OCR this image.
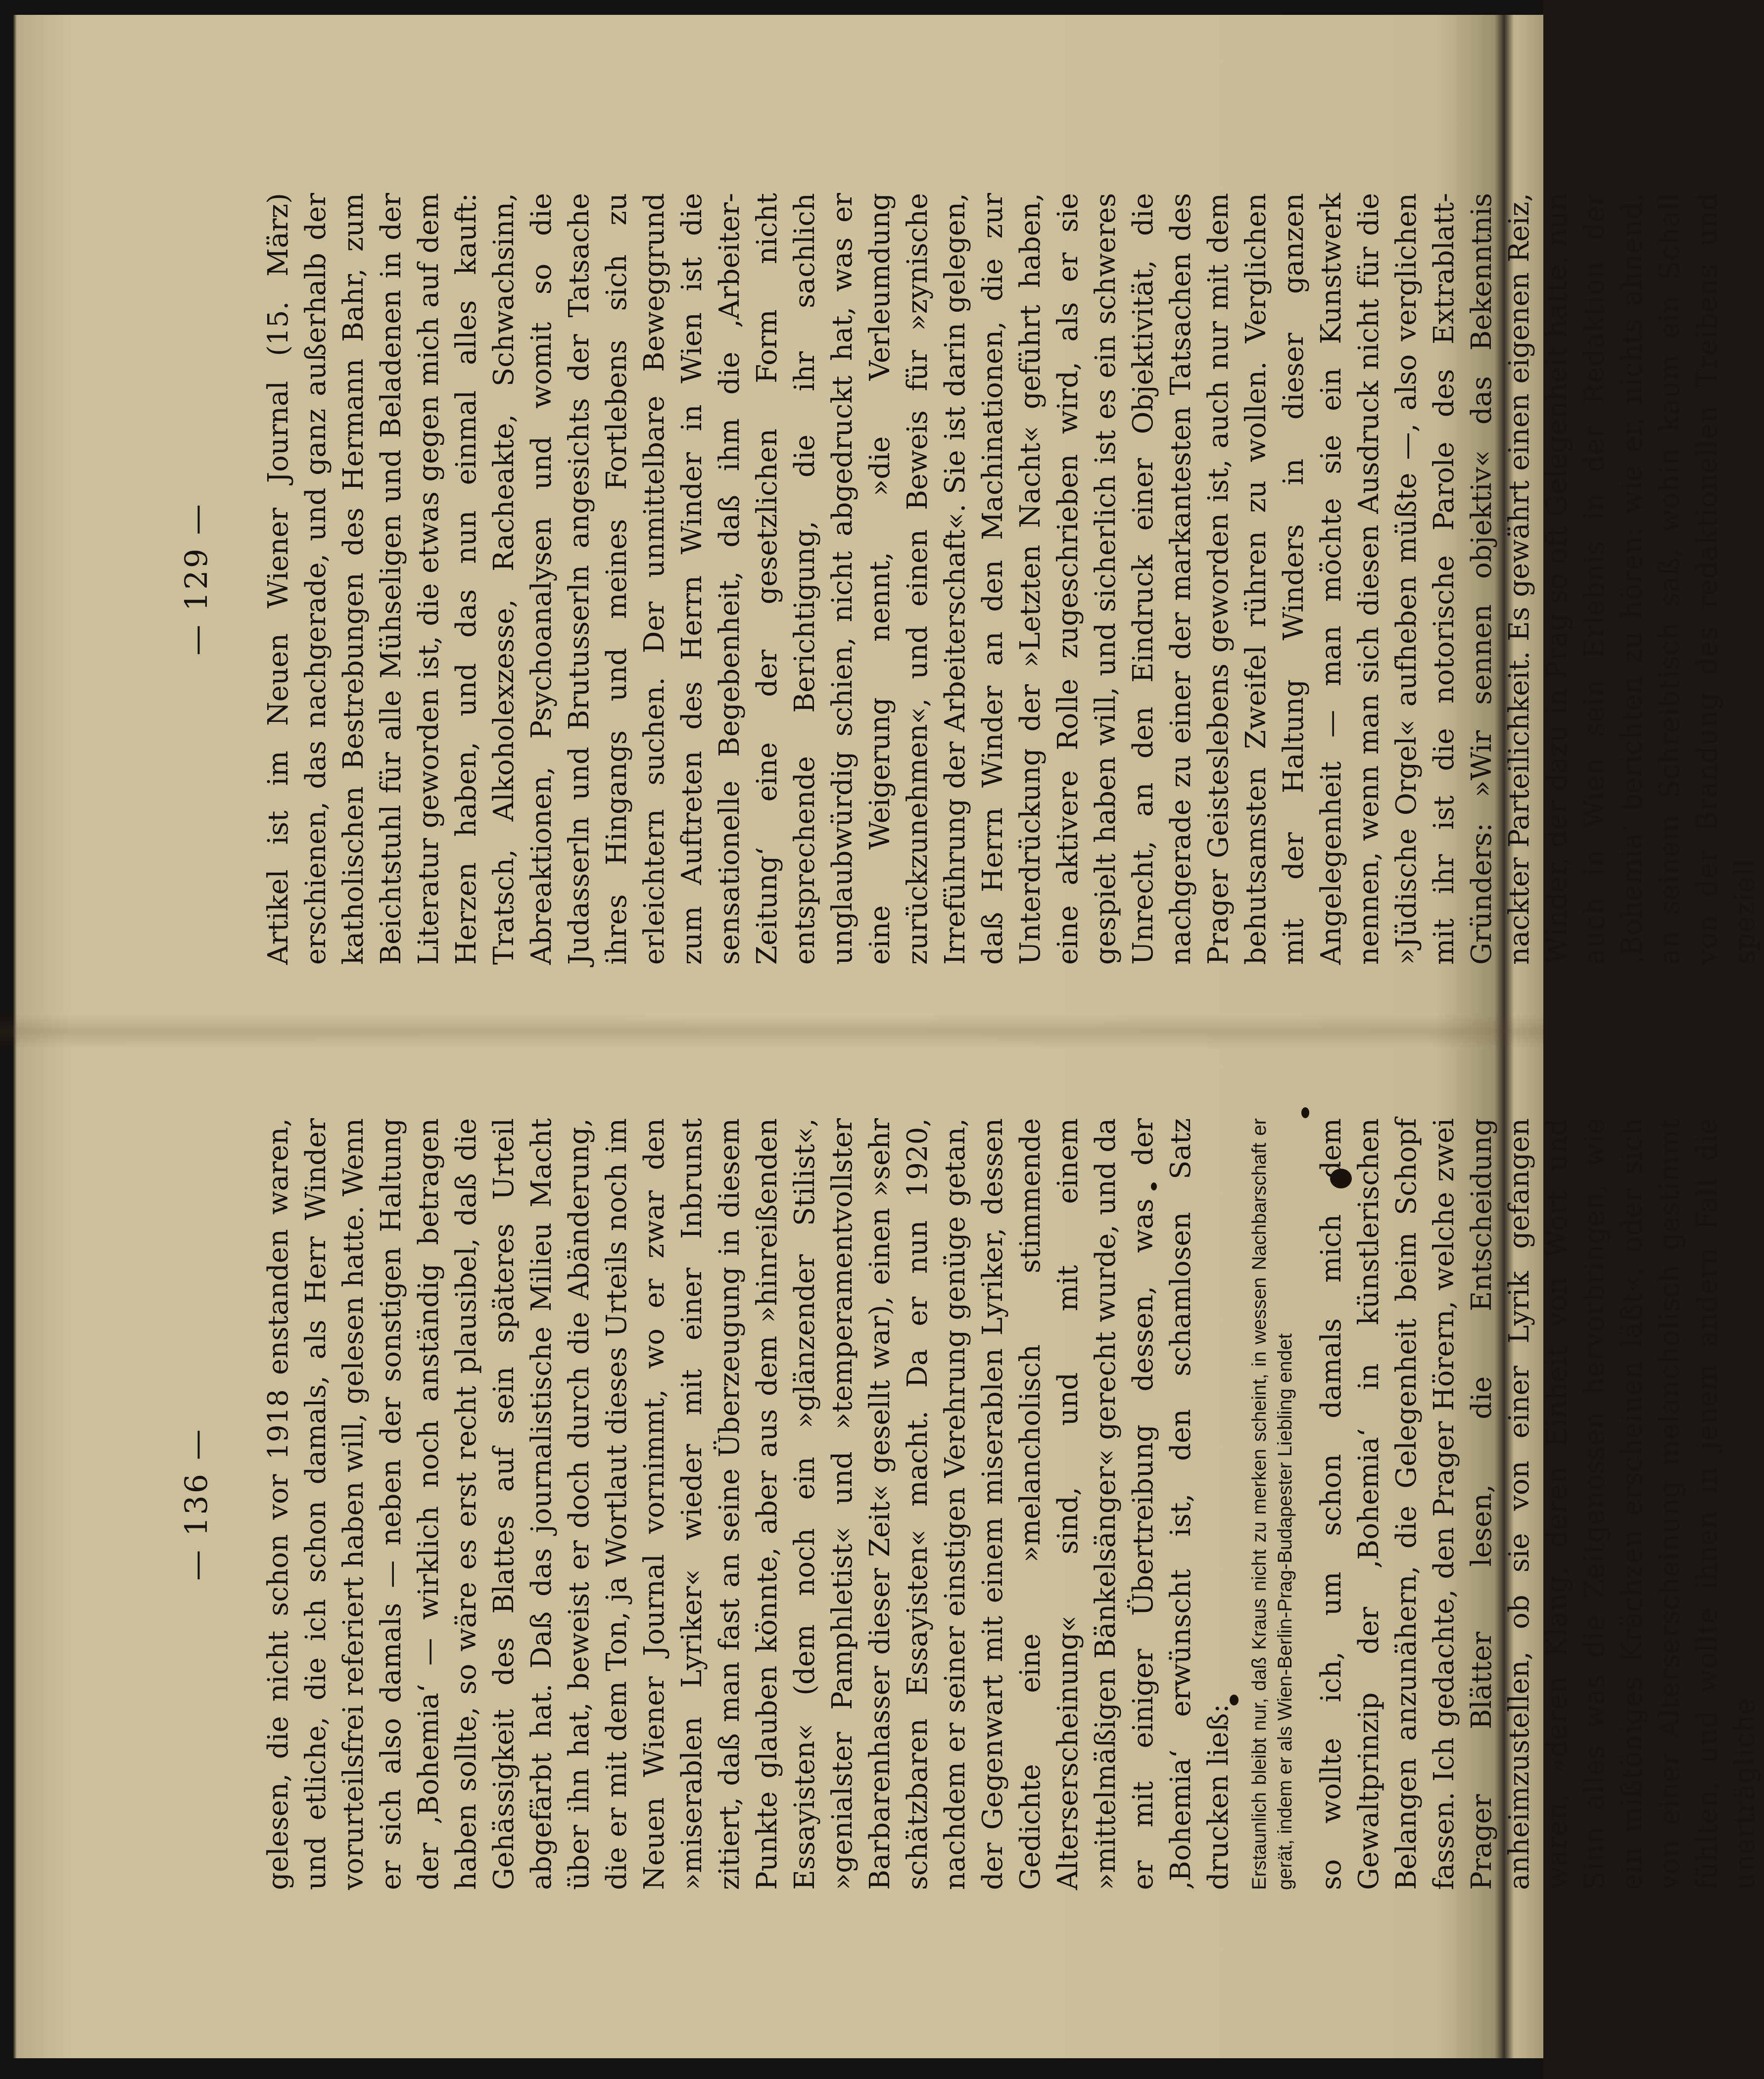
— 136 — gelesen, die nicht schon vor 1918 enstanden waren, und etliche, die ich schon damals, als Herr Winder vorurteilsfrei referiert haben will, gelesen hatte. Wenn er sich also damals — neben der sonstigen Haltung der ‚Bohemia‘ — wirklich noch anständig betragen haben sollte, so wäre es erst recht plausibel, daß die Gehässigkeit des Blattes auf sein späteres Urteil abgefärbt hat. Daß das journalistische Milieu Macht über ihn hat, beweist er doch durch die Abänderung, die er mit dem Ton, ja Wortlaut dieses Urteils noch im Neuen Wiener Journal vornimmt, wo er zwar den »miserablen Lyriker« wieder mit einer Inbrunst zitiert, daß man fast an seine Überzeugung in diesem Punkte glauben könnte, aber aus dem »hinreißenden Essayisten« (dem noch ein »glänzender Stilist«, »genialster Pamphletist« und »temperamentvollster Barbarenhasser dieser Zeit« gesellt war), einen »sehr schätzbaren Essayisten« macht. Da er nun 1920, nachdem er seiner einstigen Verehrung genüge getan, der Gegenwart mit einem miserablen Lyriker, dessen Gedichte eine »melancholisch stimmende Alterserscheinung« sind, und mit einem »mittelmäßigen Bänkelsänger« gerecht wurde, und da er mit einiger Übertreibung dessen, was der ‚Bohemia‘ erwünscht ist, den schamlosen Satz drucken ließ: Erstaunlich bleibt nur, daß Kraus nicht zu merken scheint, in wessen Nachbarschaft er gerät, indem er als Wien-Berlin-Prag-Budapester Liebling endet so wollte ich, um schon damals mich dem Gewaltprinzip der ‚Bohemia‘ in künstlerischen Belangen anzunähern, die Gelegenheit beim Schopf fassen. Ich gedachte, den Prager Hörern, welche zwei Prager Blätter lesen, die Entscheidung anheimzustellen, ob sie von einer Lyrik gefangen waren, »deren Klang, deren Einheit von Wort und Sinn alles was die Zeitgenossen hervorbringen, wie ein mißtöniges Krächzen erscheinen läßt«, oder sich von einer Alterserscheinung melancholisch gestimmt fühlten, und wollte ihnen in jenem andern Fall die unerträgliche

— 129 — Artikel ist im Neuen Wiener Journal (15. März) erschienen, das nachgerade, und ganz außerhalb der katholischen Bestrebungen des Hermann Bahr, zum Beichtstuhl für alle Mühseligen und Beladenen in der Literatur geworden ist, die etwas gegen mich auf dem Herzen haben, und das nun einmal alles kauft: Tratsch, Alkoholexzesse, Racheakte, Schwachsinn, Abreaktionen, Psychoanalysen und womit so die Judasserln und Brutusserln angesichts der Tatsache ihres Hingangs und meines Fortlebens sich zu erleichtern suchen. Der unmittelbare Beweggrund zum Auftreten des Herrn Winder in Wien ist die sensationelle Begebenheit, daß ihm die ‚Arbeiter-Zeitung‘ eine der gesetzlichen Form nicht entsprechende Berichtigung, die ihr sachlich unglaubwürdig schien, nicht abgedruckt hat, was er eine Weigerung nennt, »die Verleumdung zurückzunehmen«, und einen Beweis für »zynische Irreführung der Arbeiterschaft«. Sie ist darin gelegen, daß Herrn Winder an den Machinationen, die zur Unterdrückung der »Letzten Nacht« geführt haben, eine aktivere Rolle zugeschrieben wird, als er sie gespielt haben will, und sicherlich ist es ein schweres Unrecht, an den Eindruck einer Objektivität, die nachgerade zu einer der markantesten Tatsachen des Prager Geisteslebens geworden ist, auch nur mit dem behutsamsten Zweifel rühren zu wollen. Verglichen mit der Haltung Winders in dieser ganzen Angelegenheit — man möchte sie ein Kunstwerk nennen, wenn man sich diesen Ausdruck nicht für die »Jüdische Orgel« aufheben müßte —, also verglichen mit ihr ist die notorische Parole des Extrablatt-Gründers: »Wir sennen objektiv« das Bekenntnis nackter Parteilichkeit. Es gewährt einen eigenen Reiz, Winder, der dazu in Prag so oft Gelegenheit hatte, nun auch in Wien sein Erlebnis in der Redaktion der ‚Bohemia‘ berichten zu hören: wie er, nichts ahnend, an seinem Schreibtisch saß, wohin kaum ein Schall von der Brandung des redaktionellen Treibens und speziell
